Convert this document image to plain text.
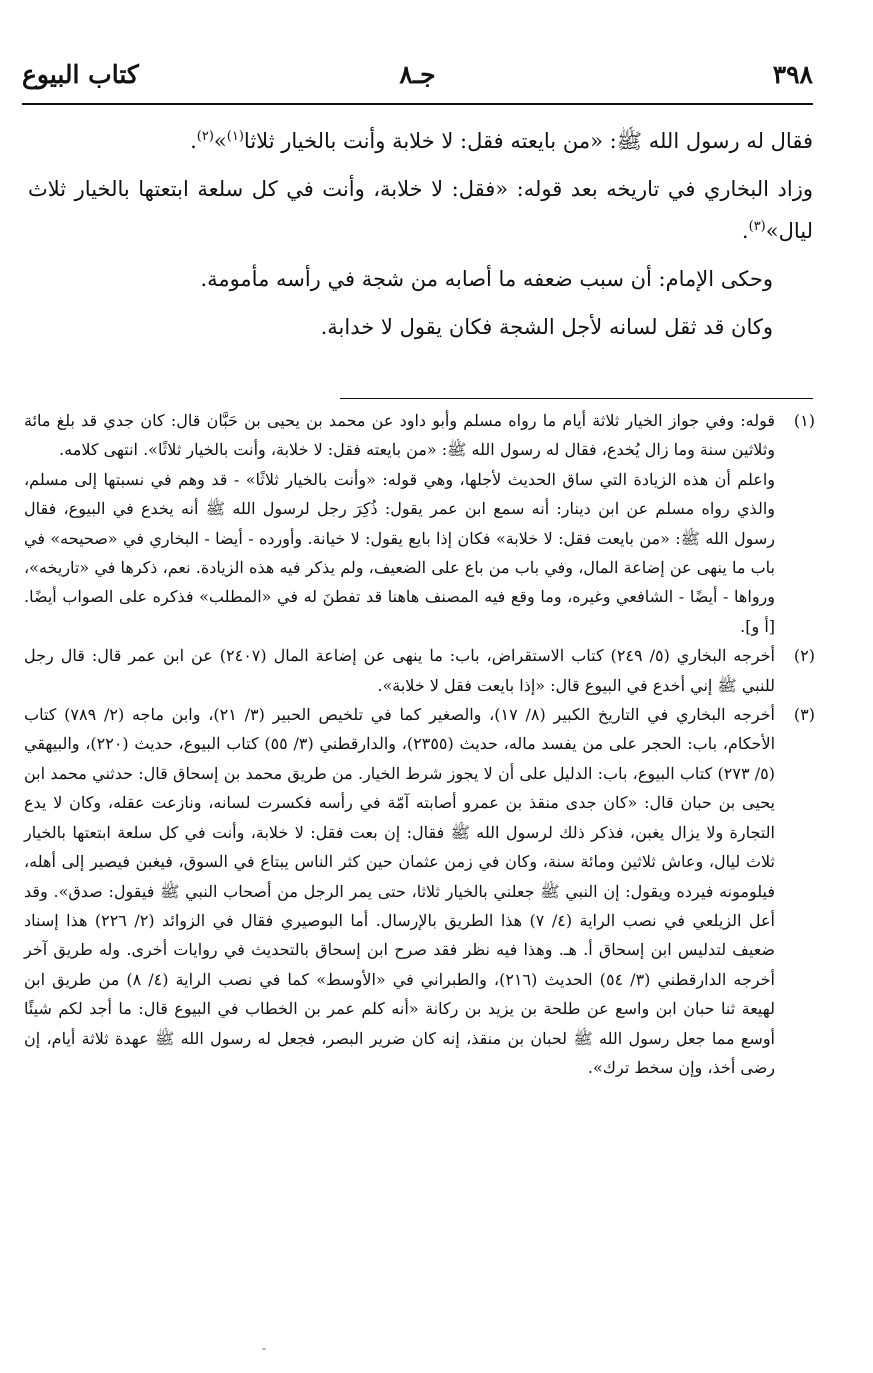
٣٩٨
جـ٨
كتاب البيوع

فقال له رسول الله ﷺ: «من بايعته فقل: لا خلابة وأنت بالخيار ثلاثا$^{(١)}$»$^{(٢)}$.

وزاد البخاري في تاريخه بعد قوله: «فقل: لا خلابة، وأنت في كل سلعة ابتعتها بالخيار ثلاث ليال»$^{(٣)}$.

وحكى الإمام: أن سبب ضعفه ما أصابه من شجة في رأسه مأمومة.

وكان قد ثقل لسانه لأجل الشجة فكان يقول لا خدابة.

(١)

قوله: وفي جواز الخيار ثلاثة أيام ما رواه مسلم وأبو داود عن محمد بن يحيى بن حَبَّان قال: كان جدي قد بلغ مائة وثلاثين سنة وما زال يُخدع، فقال له رسول الله ﷺ: «من بايعته فقل: لا خلابة، وأنت بالخيار ثلاثًا». انتهى كلامه.

واعلم أن هذه الزيادة التي ساق الحديث لأجلها، وهي قوله: «وأنت بالخيار ثلاثًا» - قد وهم في نسبتها إلى مسلم، والذي رواه مسلم عن ابن دينار: أنه سمع ابن عمر يقول: ذُكِرَ رجل لرسول الله ﷺ أنه يخدع في البيوع، فقال رسول الله ﷺ: «من بايعت فقل: لا خلابة» فكان إذا بايع يقول: لا خيانة. وأورده - أيضا - البخاري في «صحيحه» في باب ما ينهى عن إضاعة المال، وفي باب من باع على الضعيف، ولم يذكر فيه هذه الزيادة. نعم، ذكرها في «تاريخه»، ورواها - أيضًا - الشافعي وغيره، وما وقع فيه المصنف هاهنا قد تفطنَ له في «المطلب» فذكره على الصواب أيضًا. [أ و].

(٢)

أخرجه البخاري (٥/ ٢٤٩) كتاب الاستقراض، باب: ما ينهى عن إضاعة المال (٢٤٠٧) عن ابن عمر قال: قال رجل للنبي ﷺ إني أخدع في البيوع قال: «إذا بايعت فقل لا خلابة».

(٣)

أخرجه البخاري في التاريخ الكبير (٨/ ١٧)، والصغير كما في تلخيص الحبير (٣/ ٢١)، وابن ماجه (٢/ ٧٨٩) كتاب الأحكام، باب: الحجر على من يفسد ماله، حديث (٢٣٥٥)، والدارقطني (٣/ ٥٥) كتاب البيوع، حديث (٢٢٠)، والبيهقي (٥/ ٢٧٣) كتاب البيوع، باب: الدليل على أن لا يجوز شرط الخيار. من طريق محمد بن إسحاق قال: حدثني محمد ابن يحيى بن حبان قال: «كان جدى منقذ بن عمرو أصابته آمّة في رأسه فكسرت لسانه، ونازعت عقله، وكان لا يدع التجارة ولا يزال يغبن، فذكر ذلك لرسول الله ﷺ فقال: إن بعت فقل: لا خلابة، وأنت في كل سلعة ابتعتها بالخيار ثلاث ليال، وعاش ثلاثين ومائة سنة، وكان في زمن عثمان حين كثر الناس يبتاع في السوق، فيغبن فيصير إلى أهله، فيلومونه فيرده ويقول: إن النبي ﷺ جعلني بالخيار ثلاثا، حتى يمر الرجل من أصحاب النبي ﷺ فيقول: صدق». وقد أعل الزيلعي في نصب الراية (٤/ ٧) هذا الطريق بالإرسال. أما البوصيري فقال في الزوائد (٢/ ٢٢٦) هذا إسناد ضعيف لتدليس ابن إسحاق أ. هـ. وهذا فيه نظر فقد صرح ابن إسحاق بالتحديث في روايات أخرى. وله طريق آخر أخرجه الدارقطني (٣/ ٥٤) الحديث (٢١٦)، والطبراني في «الأوسط» كما في نصب الراية (٤/ ٨) من طريق ابن لهيعة ثنا حبان ابن واسع عن طلحة بن يزيد بن ركانة «أنه كلم عمر بن الخطاب في البيوع قال: ما أجد لكم شيئًا أوسع مما جعل رسول الله ﷺ لحبان بن منقذ، إنه كان ضرير البصر، فجعل له رسول الله ﷺ عهدة ثلاثة أيام، إن رضى أخذ، وإن سخط ترك».
